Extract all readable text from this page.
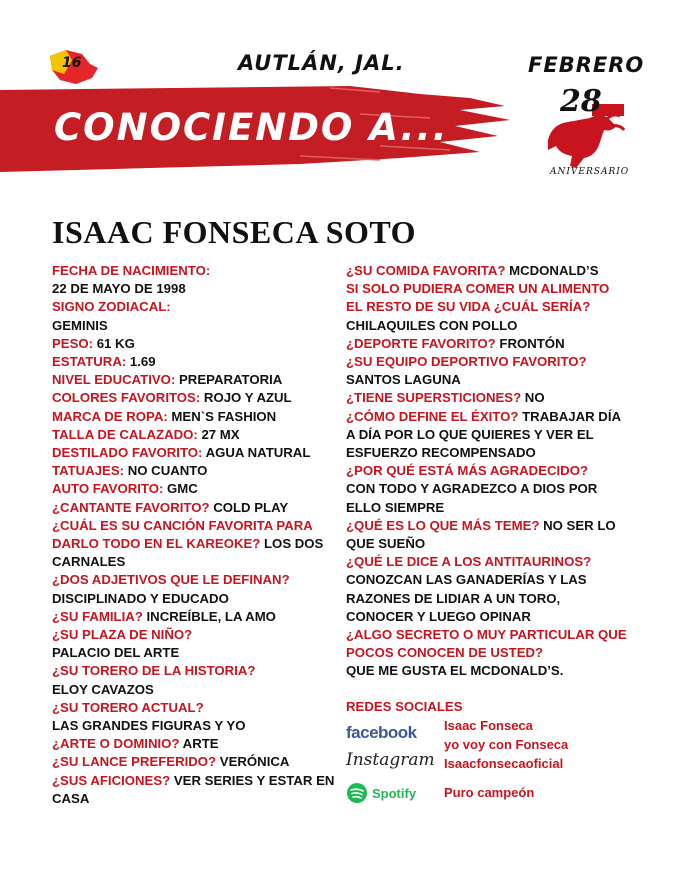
16	AUTLÁN, JAL.	FEBRERO
CONOCIENDO A...
28
ANIVERSARIO
ISAAC FONSECA SOTO

FECHA DE NACIMIENTO:
22 DE MAYO DE 1998

SIGNO ZODIACAL:
GEMINIS

PESO: 61 KG

ESTATURA: 1.69

NIVEL EDUCATIVO: PREPARATORIA

COLORES FAVORITOS: ROJO Y AZUL

MARCA DE ROPA: MEN`S FASHION

TALLA DE CALAZADO: 27 MX

DESTILADO FAVORITO: AGUA NATURAL

TATUAJES: NO CUANTO

AUTO FAVORITO: GMC

¿CANTANTE FAVORITO? COLD PLAY

¿CUÁL ES SU CANCIÓN FAVORITA PARA DARLO TODO EN EL KAREOKE? LOS DOS CARNALES

¿DOS ADJETIVOS QUE LE DEFINAN?
DISCIPLINADO Y EDUCADO

¿SU FAMILIA? INCREÍBLE, LA AMO

¿SU PLAZA DE NIÑO?
PALACIO DEL ARTE

¿SU TORERO DE LA HISTORIA?
ELOY CAVAZOS

¿SU TORERO ACTUAL?
LAS GRANDES FIGURAS Y YO

¿ARTE O DOMINIO? ARTE

¿SU LANCE PREFERIDO? VERÓNICA

¿SUS AFICIONES? VER SERIES Y ESTAR EN CASA

¿SU COMIDA FAVORITA? MCDONALD’S

SI SOLO PUDIERA COMER UN ALIMENTO EL RESTO DE SU VIDA ¿CUÁL SERÍA? CHILAQUILES CON POLLO

¿DEPORTE FAVORITO? FRONTÓN

¿SU EQUIPO DEPORTIVO FAVORITO?
SANTOS LAGUNA

¿TIENE SUPERSTICIONES? NO

¿CÓMO DEFINE EL ÉXITO? TRABAJAR DÍA A DÍA POR LO QUE QUIERES Y VER EL ESFUERZO RECOMPENSADO

¿POR QUÉ ESTÁ MÁS AGRADECIDO?
CON TODO Y AGRADEZCO A DIOS POR ELLO SIEMPRE

¿QUÉ ES LO QUE MÁS TEME? NO SER LO QUE SUEÑO

¿QUÉ LE DICE A LOS ANTITAURINOS?
CONOZCAN LAS GANADERÍAS Y LAS RAZONES DE LIDIAR A UN TORO, CONOCER Y LUEGO OPINAR

¿ALGO SECRETO O MUY PARTICULAR QUE POCOS CONOCEN DE USTED?
QUE ME GUSTA EL MCDONALD’S.

REDES SOCIALES
facebook
Instagram
Spotify
Isaac Fonseca
yo voy con Fonseca
Isaacfonsecaoficial
Puro campeón
